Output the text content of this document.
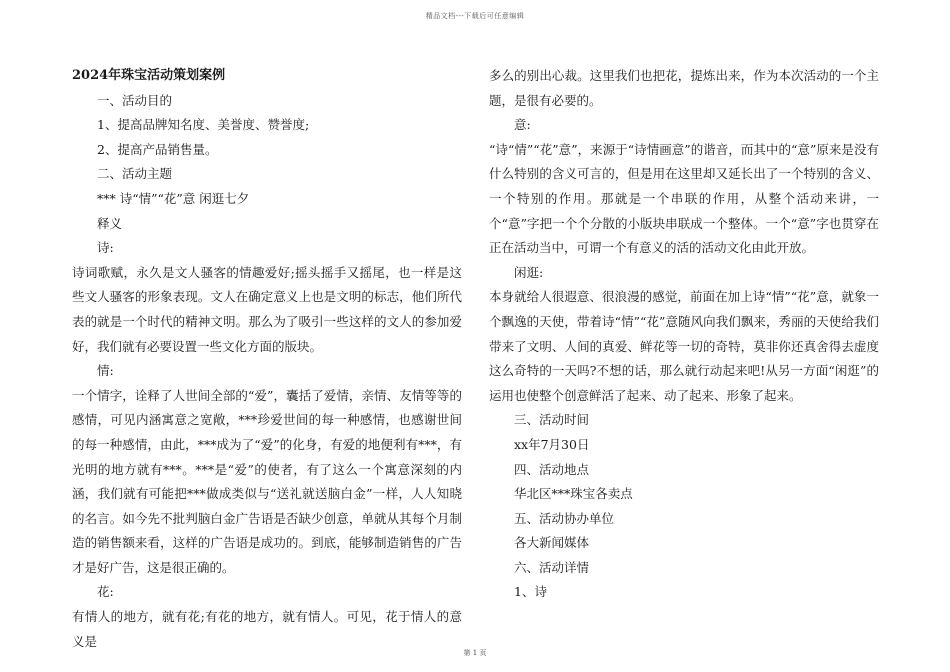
精品文档---下载后可任意编辑

2024年珠宝活动策划案例

一、活动目的

1、提高品牌知名度、美誉度、赞誉度;

2、提高产品销售量。

二、活动主题

*** 诗“情”“花”意 闲逛七夕

释义

诗:

诗词歌赋，永久是文人骚客的情趣爱好;摇头摇手又摇尾，也一样是这些文人骚客的形象表现。文人在确定意义上也是文明的标志，他们所代表的就是一个时代的精神文明。那么为了吸引一些这样的文人的参加爱好，我们就有必要设置一些文化方面的版块。

情:

一个情字，诠释了人世间全部的“爱”，囊括了爱情，亲情、友情等等的感情，可见内涵寓意之宽敞，***珍爱世间的每一种感情，也感谢世间的每一种感情，由此，***成为了“爱”的化身，有爱的地便利有***，有光明的地方就有***。***是“爱”的使者，有了这么一个寓意深刻的内涵，我们就有可能把***做成类似与“送礼就送脑白金”一样，人人知晓的名言。如今先不批判脑白金广告语是否缺少创意，单就从其每个月制造的销售额来看，这样的广告语是成功的。到底，能够制造销售的广告才是好广告，这是很正确的。

花:

有情人的地方，就有花;有花的地方，就有情人。可见，花于情人的意义是

多么的别出心裁。这里我们也把花，提炼出来，作为本次活动的一个主题，是很有必要的。

意:

“诗“情”“花”意”，来源于“诗情画意”的谐音，而其中的“意”原来是没有什么特别的含义可言的，但是用在这里却又延长出了一个特别的含义、一个特别的作用。那就是一个串联的作用，从整个活动来讲，一个“意”字把一个个分散的小版块串联成一个整体。一个“意”字也贯穿在正在活动当中，可谓一个有意义的活的活动文化由此开放。

闲逛:

本身就给人很遐意、很浪漫的感觉，前面在加上诗“情”“花”意，就象一个飘逸的天使，带着诗“情”“花”意随风向我们飘来，秀丽的天使给我们带来了文明、人间的真爱、鲜花等一切的奇特，莫非你还真舍得去虚度这么奇特的一天吗?不想的话，那么就行动起来吧!从另一方面“闲逛”的运用也使整个创意鲜活了起来、动了起来、形象了起来。

三、活动时间

xx年7月30日

四、活动地点

华北区***珠宝各卖点

五、活动协办单位

各大新闻媒体

六、活动详情

1、诗

第 1 页
